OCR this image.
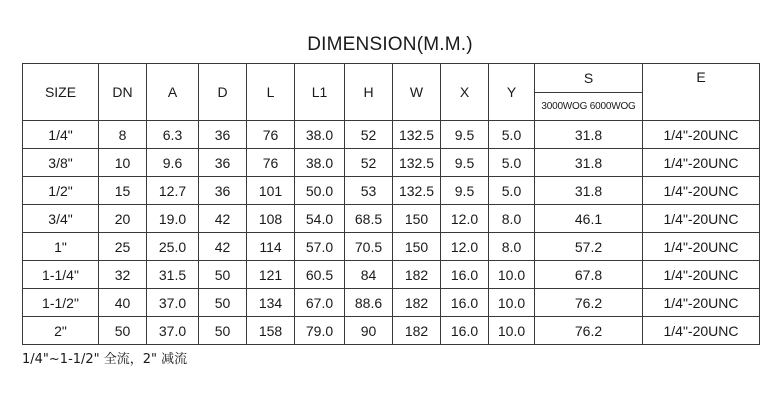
DIMENSION(M.M.)
SIZE	DN	A	D	L	L1	H	W	X	Y	S	E
										3000WOG 6000WOG	
1/4"	8	6.3	36	76	38.0	52	132.5	9.5	5.0	31.8	1/4"-20UNC
3/8"	10	9.6	36	76	38.0	52	132.5	9.5	5.0	31.8	1/4"-20UNC
1/2"	15	12.7	36	101	50.0	53	132.5	9.5	5.0	31.8	1/4"-20UNC
3/4"	20	19.0	42	108	54.0	68.5	150	12.0	8.0	46.1	1/4"-20UNC
1"	25	25.0	42	114	57.0	70.5	150	12.0	8.0	57.2	1/4"-20UNC
1-1/4"	32	31.5	50	121	60.5	84	182	16.0	10.0	67.8	1/4"-20UNC
1-1/2"	40	37.0	50	134	67.0	88.6	182	16.0	10.0	76.2	1/4"-20UNC
2"	50	37.0	50	158	79.0	90	182	16.0	10.0	76.2	1/4"-20UNC
1/4"~1-1/2" 全流，2" 减流
